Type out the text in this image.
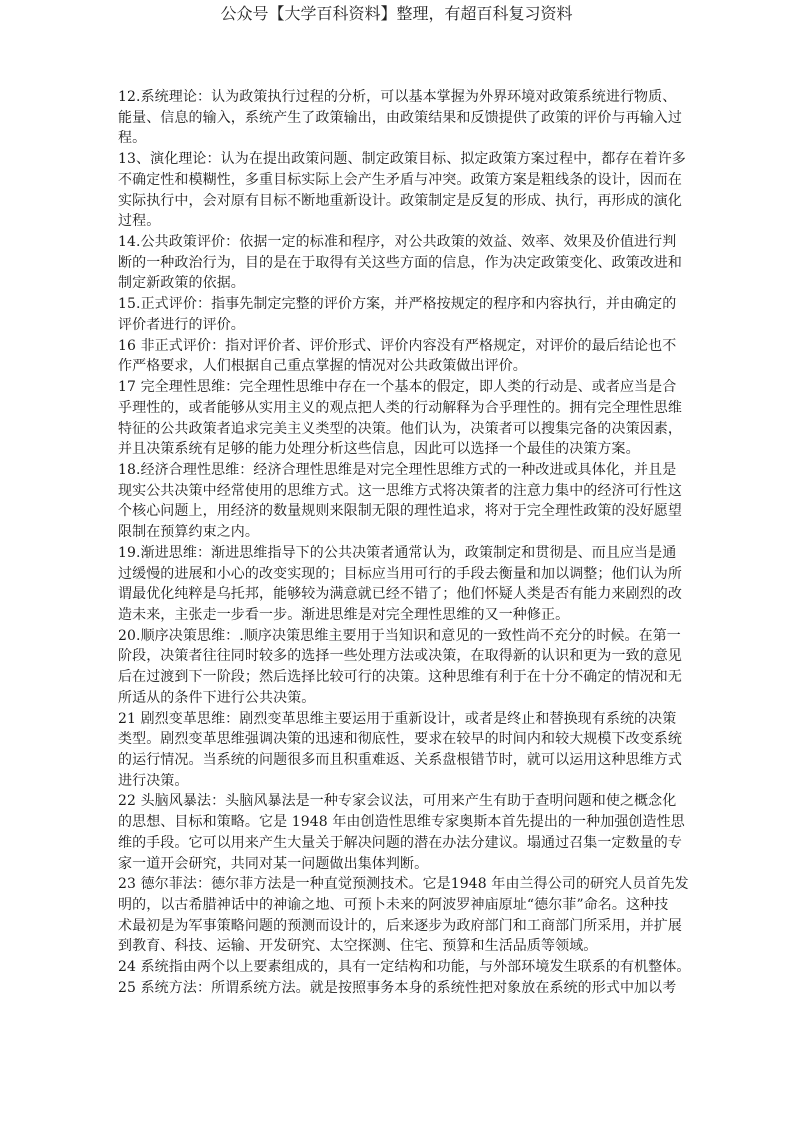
公众号【大学百科资料】整理，有超百科复习资料
12.系统理论：认为政策执行过程的分析，可以基本掌握为外界环境对政策系统进行物质、
能量、信息的输入，系统产生了政策输出，由政策结果和反馈提供了政策的评价与再输入过
程。
13、演化理论：认为在提出政策问题、制定政策目标、拟定政策方案过程中，都存在着许多
不确定性和模糊性，多重目标实际上会产生矛盾与冲突。政策方案是粗线条的设计，因而在
实际执行中，会对原有目标不断地重新设计。政策制定是反复的形成、执行，再形成的演化
过程。
14.公共政策评价：依据一定的标准和程序，对公共政策的效益、效率、效果及价值进行判
断的一种政治行为，目的是在于取得有关这些方面的信息，作为决定政策变化、政策改进和
制定新政策的依据。
15.正式评价：指事先制定完整的评价方案，并严格按规定的程序和内容执行，并由确定的
评价者进行的评价。
16 非正式评价：指对评价者、评价形式、评价内容没有严格规定，对评价的最后结论也不
作严格要求，人们根据自己重点掌握的情况对公共政策做出评价。
17 完全理性思维：完全理性思维中存在一个基本的假定，即人类的行动是、或者应当是合
乎理性的，或者能够从实用主义的观点把人类的行动解释为合乎理性的。拥有完全理性思维
特征的公共政策者追求完美主义类型的决策。他们认为，决策者可以搜集完备的决策因素，
并且决策系统有足够的能力处理分析这些信息，因此可以选择一个最佳的决策方案。
18.经济合理性思维：经济合理性思维是对完全理性思维方式的一种改进或具体化，并且是
现实公共决策中经常使用的思维方式。这一思维方式将决策者的注意力集中的经济可行性这
个核心问题上，用经济的数量规则来限制无限的理性追求，将对于完全理性政策的没好愿望
限制在预算约束之内。
19.渐进思维：渐进思维指导下的公共决策者通常认为，政策制定和贯彻是、而且应当是通
过缓慢的进展和小心的改变实现的；目标应当用可行的手段去衡量和加以调整；他们认为所
谓最优化纯粹是乌托邦，能够较为满意就已经不错了；他们怀疑人类是否有能力来剧烈的改
造未来，主张走一步看一步。渐进思维是对完全理性思维的又一种修正。
20.顺序决策思维：.顺序决策思维主要用于当知识和意见的一致性尚不充分的时候。在第一
阶段，决策者往往同时较多的选择一些处理方法或决策，在取得新的认识和更为一致的意见
后在过渡到下一阶段；然后选择比较可行的决策。这种思维有利于在十分不确定的情况和无
所适从的条件下进行公共决策。
21 剧烈变革思维：剧烈变革思维主要运用于重新设计，或者是终止和替换现有系统的决策
类型。剧烈变革思维强调决策的迅速和彻底性，要求在较早的时间内和较大规模下改变系统
的运行情况。当系统的问题很多而且积重难返、关系盘根错节时，就可以运用这种思维方式
进行决策。
22 头脑风暴法：头脑风暴法是一种专家会议法，可用来产生有助于查明问题和使之概念化
的思想、目标和策略。它是 1948 年由创造性思维专家奥斯本首先提出的一种加强创造性思
维的手段。它可以用来产生大量关于解决问题的潜在办法分建议。塌通过召集一定数量的专
家一道开会研究，共同对某一问题做出集体判断。
23 德尔菲法：德尔菲方法是一种直觉预测技术。它是1948 年由兰得公司的研究人员首先发
明的，以古希腊神话中的神谕之地、可预卜未来的阿波罗神庙原址“德尔菲”命名。这种技
术最初是为军事策略问题的预测而设计的，后来逐步为政府部门和工商部门所采用，并扩展
到教育、科技、运输、开发研究、太空探测、住宅、预算和生活品质等领域。
24 系统指由两个以上要素组成的，具有一定结构和功能，与外部环境发生联系的有机整体。
25 系统方法：所谓系统方法。就是按照事务本身的系统性把对象放在系统的形式中加以考
